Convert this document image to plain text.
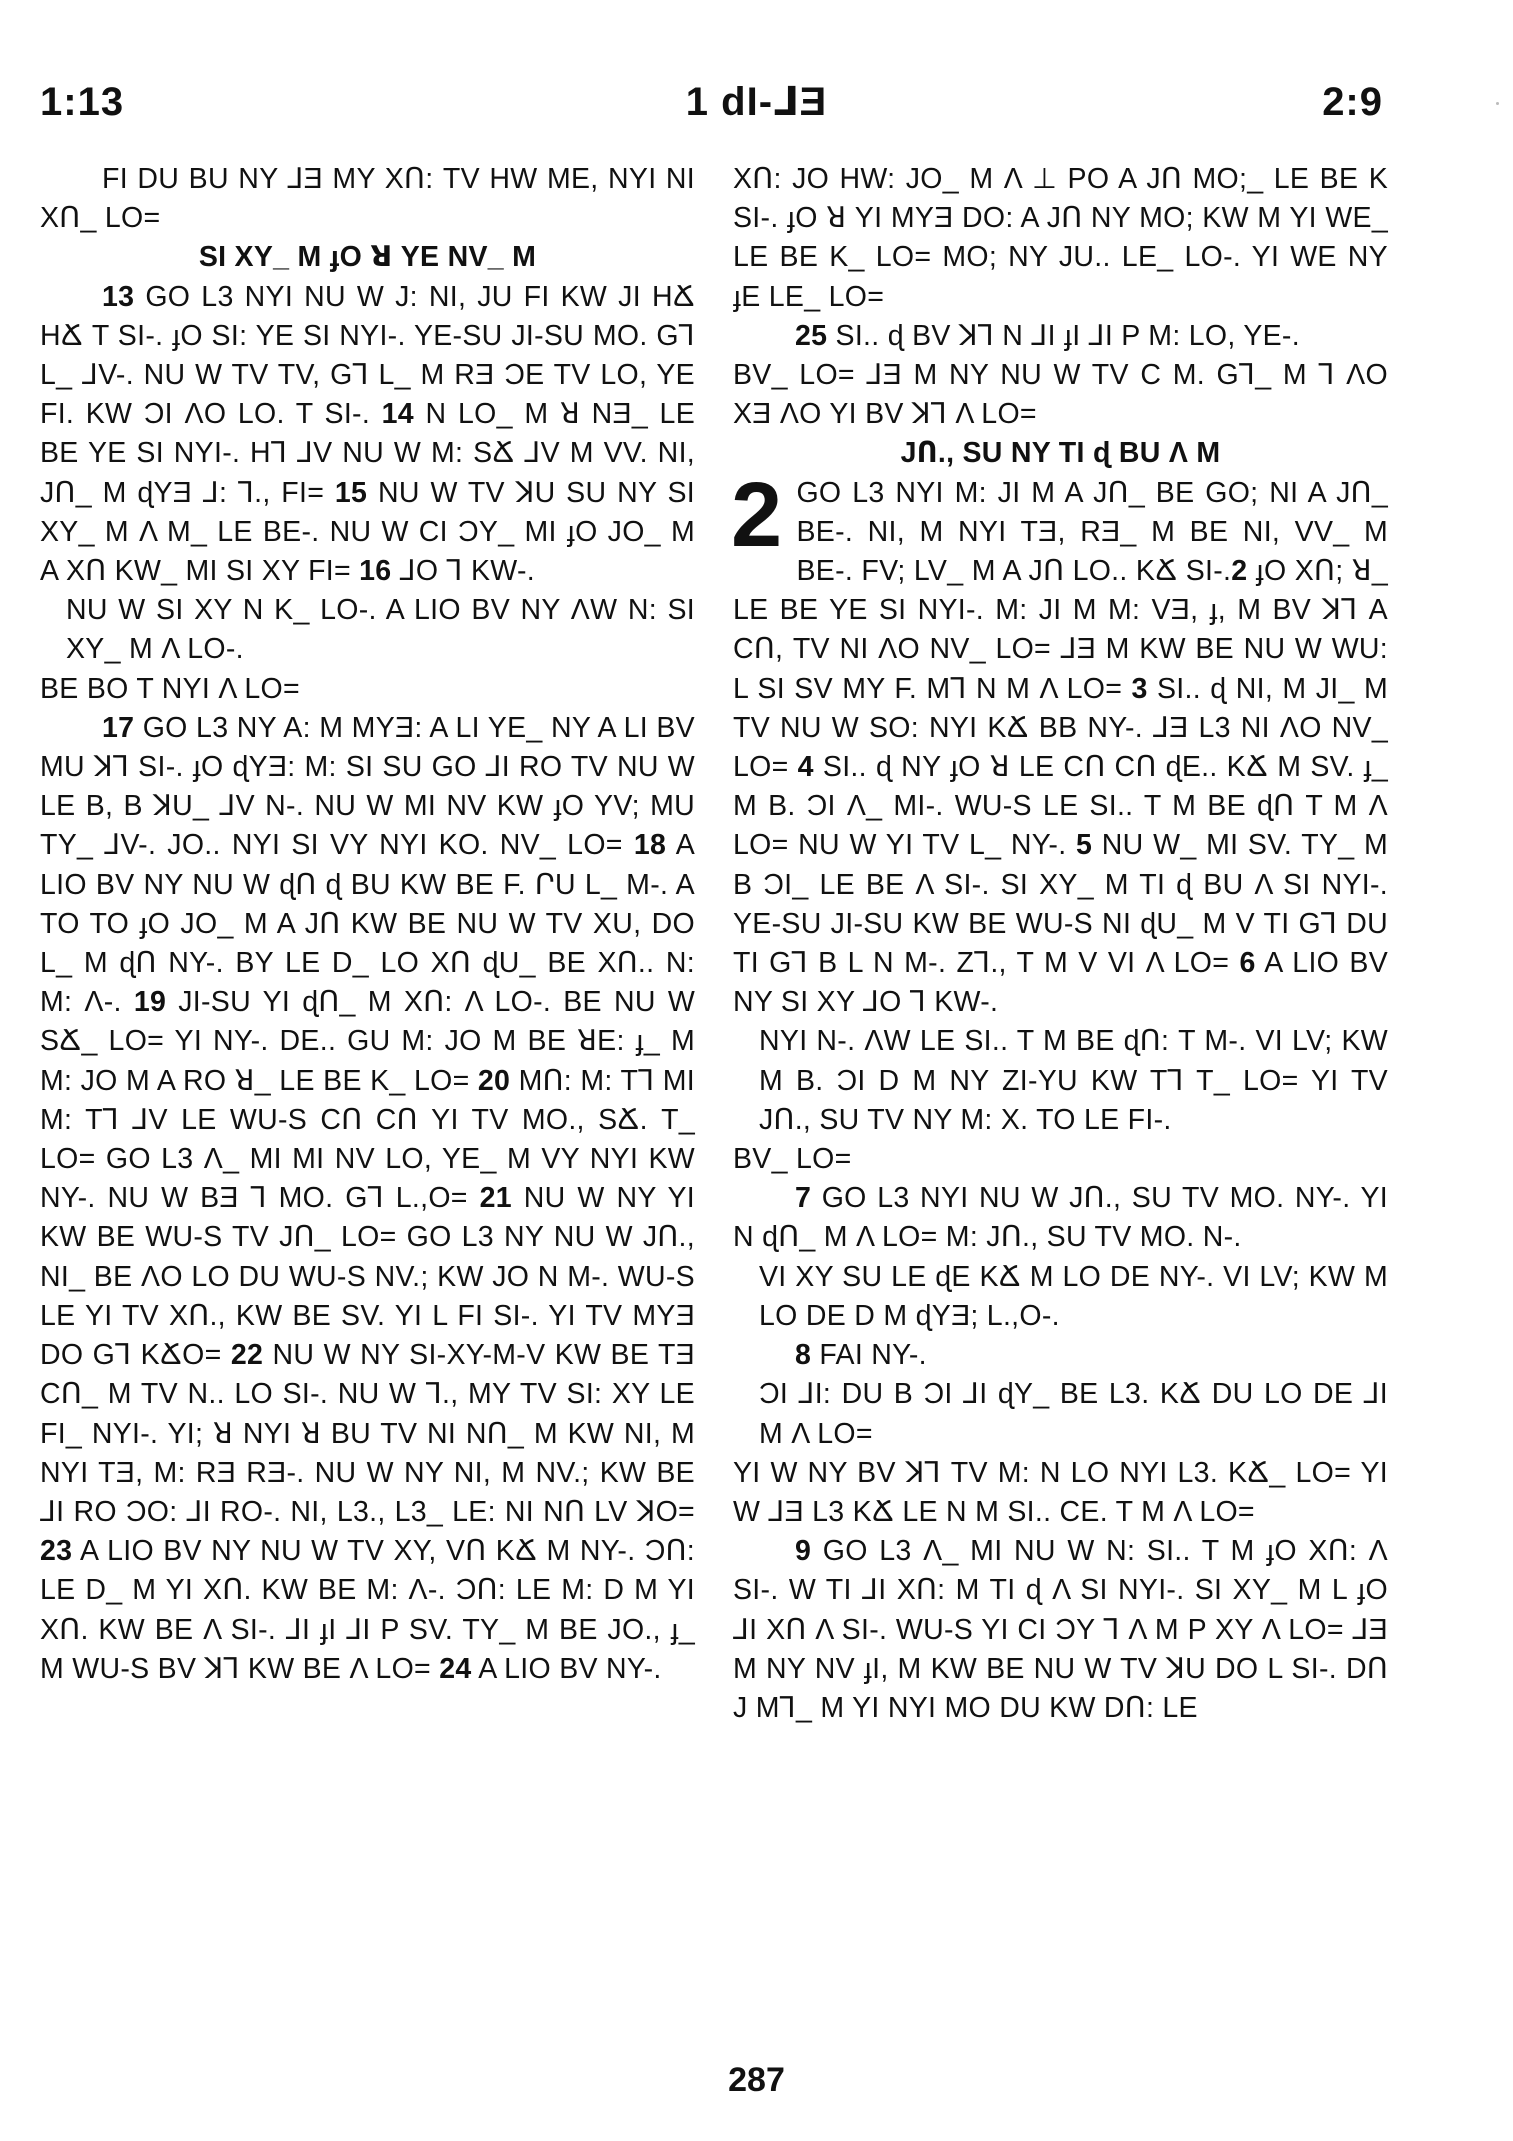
1:13	1 dI-⅃Ǝ	2:9

FI DU BU NY ⅃Ǝ MY XՈ: TV HW ME, NYI NI XՈ_ LO=

SI XY_ M ɟO ꓤ YE NV_ M

13 GO L3 NYI NU W J: NI, JU FI KW JI HՃ HՃ T SI-. ɟO SI: YE SI NYI-. YE-SU JI-SU MO. G⅂ L_ ⅃V-. NU W TV TV, G⅂ L_ M RƎ ƆE TV LO, YE FI. KW ƆI ΛO LO. T SI-. 14 N LO_ M ꓤ NƎ_ LE BE YE SI NYI-. H⅂ ⅃V NU W M: SՃ ⅃V M VV. NI, JՈ_ M ɖYƎ ⅃: ⅂., FI= 15 NU W TV ꓘU SU NY SI XY_ M Λ M_ LE BE-. NU W CI ƆY_ MI ɟO JO_ M A XՈ KW_ MI SI XY FI= 16 ⅃O ⅂ KW-.

NU W SI XY N K_ LO-. A LIO BV NY ΛW N: SI XY_ M Λ LO-.

BE BO T NYI Λ LO=

17 GO L3 NY A: M MYƎ: A LI YE_ NY A LI BV MU ꓘ⅂ SI-. ɟO ɖYƎ: M: SI SU GO ⅃I RO TV NU W LE B, B ꓘU_ ⅃V N-. NU W MI NV KW ɟO YV; MU TY_ ⅃V-. JO.. NYI SI VY NYI KO. NV_ LO= 18 A LIO BV NY NU W ɖՈ ɖ BU KW BE F. ՐU L_ M-. A TO TO ɟO JO_ M A JՈ KW BE NU W TV XU, DO L_ M ɖՈ NY-. BY LE D_ LO XՈ ɖU_ BE XՈ.. N: M: Λ-. 19 JI-SU YI ɖՈ_ M XՈ: Λ LO-. BE NU W SՃ_ LO= YI NY-. DE.. GU M: JO M BE ꓤE: ɟ_ M M: JO M A RO ꓤ_ LE BE K_ LO= 20 MՈ: M: T⅂ MI M: T⅂ ⅃V LE WU-S CՈ CՈ YI TV MO., SՃ. T_ LO= GO L3 Λ_ MI MI NV LO, YE_ M VY NYI KW NY-. NU W BƎ ⅂ MO. G⅂ L.,O= 21 NU W NY YI KW BE WU-S TV JՈ_ LO= GO L3 NY NU W JՈ., NI_ BE ΛO LO DU WU-S NV.; KW JO N M-. WU-S LE YI TV XՈ., KW BE SV. YI L FI SI-. YI TV MYƎ DO G⅂ KՃO= 22 NU W NY SI-XY-M-V KW BE TƎ CՈ_ M TV N.. LO SI-. NU W ⅂., MY TV SI: XY LE FI_ NYI-. YI; ꓤ NYI ꓤ BU TV NI NՈ_ M KW NI, M NYI TƎ, M: RƎ RƎ-. NU W NY NI, M NV.; KW BE ⅃I RO ƆO: ⅃I RO-. NI, L3., L3_ LE: NI NՈ LV ꓘO= 23 A LIO BV NY NU W TV XY, VՈ KՃ M NY-. ƆՈ: LE D_ M YI XՈ. KW BE M: Λ-. ƆՈ: LE M: D M YI XՈ. KW BE Λ SI-. ⅃I ɟI ⅃I P SV. TY_ M BE JO., ɟ_ M WU-S BV ꓘ⅂ KW BE Λ LO= 24 A LIO BV NY-.

XՈ: JO HW: JO_ M Λ ⊥ PO A JՈ MO;_ LE BE K SI-. ɟO ꓤ YI MYƎ DO: A JՈ NY MO; KW M YI WE_ LE BE K_ LO= MO; NY JU.. LE_ LO-. YI WE NY ɟE LE_ LO=

25 SI.. ɖ BV ꓘ⅂ N ⅃I ɟI ⅃I P M: LO, YE-.

BV_ LO= ⅃Ǝ M NY NU W TV C M. G⅂_ M ⅂ ΛO XƎ ΛO YI BV ꓘ⅂ Λ LO=

JՈ., SU NY TI ɖ BU Λ M

2 GO L3 NYI M: JI M A JՈ_ BE GO; NI A JՈ_ BE-. NI, M NYI TƎ, RƎ_ M BE NI, VV_ M BE-. FV; LV_ M A JՈ LO.. KՃ SI-.2 ɟO XՈ; ꓤ_ LE BE YE SI NYI-. M: JI M M: VƎ, ɟ, M BV ꓘ⅂ A CՈ, TV NI ΛO NV_ LO= ⅃Ǝ M KW BE NU W WU: L SI SV MY F. M⅂ N M Λ LO= 3 SI.. ɖ NI, M JI_ M TV NU W SO: NYI KՃ BB NY-. ⅃Ǝ L3 NI ΛO NV_ LO= 4 SI.. ɖ NY ɟO ꓤ LE CՈ CՈ ɖE.. KՃ M SV. ɟ_ M B. ƆI Λ_ MI-. WU-S LE SI.. T M BE ɖՈ T M Λ LO= NU W YI TV L_ NY-. 5 NU W_ MI SV. TY_ M B ƆI_ LE BE Λ SI-. SI XY_ M TI ɖ BU Λ SI NYI-. YE-SU JI-SU KW BE WU-S NI ɖU_ M V TI G⅂ DU TI G⅂ B L N M-. Z⅂., T M V VI Λ LO= 6 A LIO BV NY SI XY ⅃O ⅂ KW-.

NYI N-. ΛW LE SI.. T M BE ɖՈ: T M-. VI LV; KW M B. ƆI D M NY ZI-YU KW T⅂ T_ LO= YI TV JՈ., SU TV NY M: X. TO LE FI-.

BV_ LO=

7 GO L3 NYI NU W JՈ., SU TV MO. NY-. YI N ɖՈ_ M Λ LO= M: JՈ., SU TV MO. N-.

VI XY SU LE ɖE KՃ M LO DE NY-. VI LV; KW M LO DE D M ɖYƎ; L.,O-.

8 FAI NY-.

ƆI ⅃I: DU B ƆI ⅃I ɖY_ BE L3. KՃ DU LO DE ⅃I M Λ LO=

YI W NY BV ꓘ⅂ TV M: N LO NYI L3. KՃ_ LO= YI W ⅃Ǝ L3 KՃ LE N M SI.. CE. T M Λ LO=

9 GO L3 Λ_ MI NU W N: SI.. T M ɟO XՈ: Λ SI-. W TI ⅃I XՈ: M TI ɖ Λ SI NYI-. SI XY_ M L ɟO ⅃I XՈ Λ SI-. WU-S YI CI ƆY ⅂ Λ M P XY Λ LO= ⅃Ǝ M NY NV ɟI, M KW BE NU W TV ꓘU DO L SI-. DՈ J M⅂_ M YI NYI MO DU KW DՈ: LE

287
